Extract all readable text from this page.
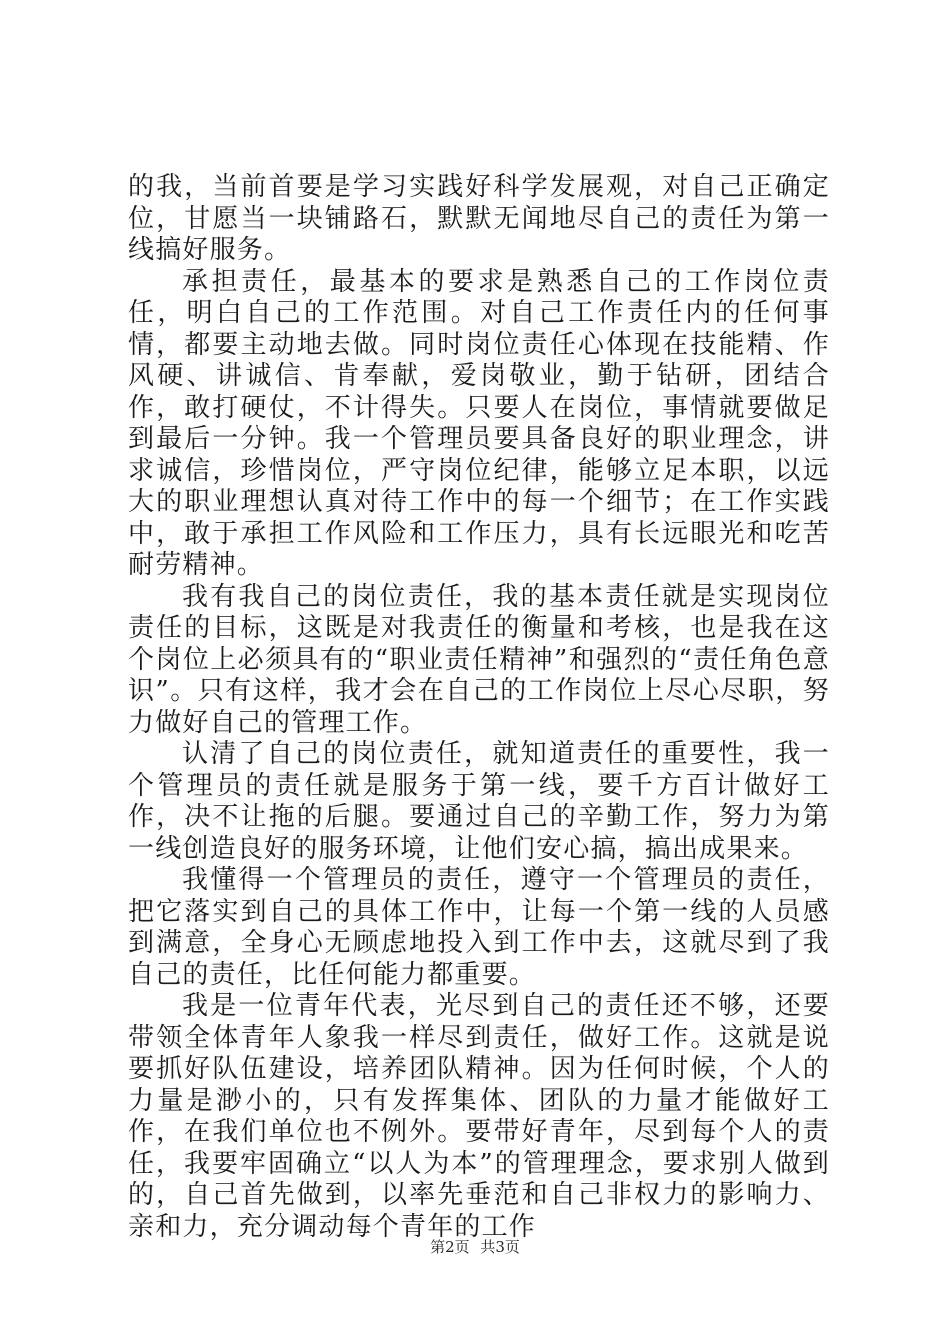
的我，当前首要是学习实践好科学发展观，对自己正确定位，甘愿当一块铺路石，默默无闻地尽自己的责任为第一线搞好服务。

承担责任，最基本的要求是熟悉自己的工作岗位责任，明白自己的工作范围。对自己工作责任内的任何事情，都要主动地去做。同时岗位责任心体现在技能精、作风硬、讲诚信、肯奉献，爱岗敬业，勤于钻研，团结合作，敢打硬仗，不计得失。只要人在岗位，事情就要做足到最后一分钟。我一个管理员要具备良好的职业理念，讲求诚信，珍惜岗位，严守岗位纪律，能够立足本职，以远大的职业理想认真对待工作中的每一个细节；在工作实践中，敢于承担工作风险和工作压力，具有长远眼光和吃苦耐劳精神。

我有我自己的岗位责任，我的基本责任就是实现岗位责任的目标，这既是对我责任的衡量和考核，也是我在这个岗位上必须具有的“职业责任精神”和强烈的“责任角色意识”。只有这样，我才会在自己的工作岗位上尽心尽职，努力做好自己的管理工作。

认清了自己的岗位责任，就知道责任的重要性，我一个管理员的责任就是服务于第一线，要千方百计做好工作，决不让拖的后腿。要通过自己的辛勤工作，努力为第一线创造良好的服务环境，让他们安心搞，搞出成果来。

我懂得一个管理员的责任，遵守一个管理员的责任，把它落实到自己的具体工作中，让每一个第一线的人员感到满意，全身心无顾虑地投入到工作中去，这就尽到了我自己的责任，比任何能力都重要。

我是一位青年代表，光尽到自己的责任还不够，还要带领全体青年人象我一样尽到责任，做好工作。这就是说要抓好队伍建设，培养团队精神。因为任何时候，个人的力量是渺小的，只有发挥集体、团队的力量才能做好工作，在我们单位也不例外。要带好青年，尽到每个人的责任，我要牢固确立“以人为本”的管理理念，要求别人做到的，自己首先做到，以率先垂范和自己非权力的影响力、亲和力，充分调动每个青年的工作

第2页 共3页
